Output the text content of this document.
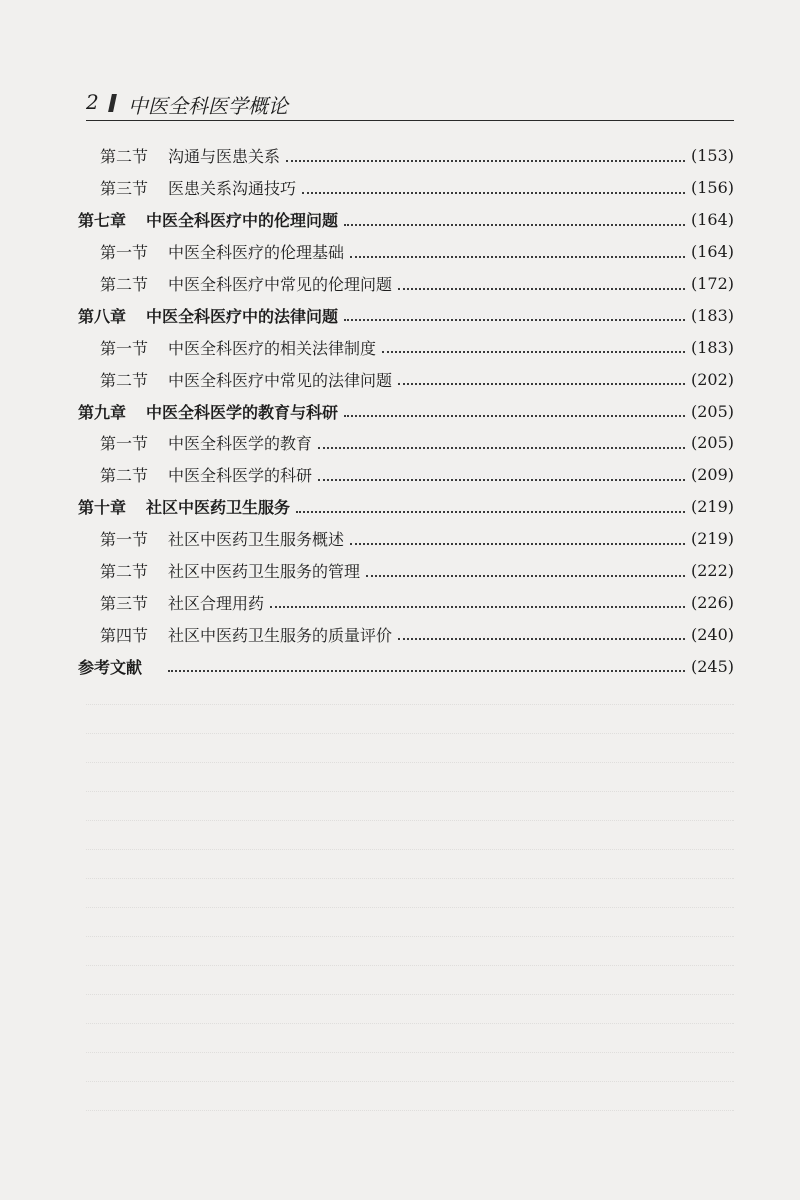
2 中医全科医学概论
第二节 沟通与医患关系	(153)
第三节 医患关系沟通技巧	(156)
第七章 中医全科医疗中的伦理问题	(164)
第一节 中医全科医疗的伦理基础	(164)
第二节 中医全科医疗中常见的伦理问题	(172)
第八章 中医全科医疗中的法律问题	(183)
第一节 中医全科医疗的相关法律制度	(183)
第二节 中医全科医疗中常见的法律问题	(202)
第九章 中医全科医学的教育与科研	(205)
第一节 中医全科医学的教育	(205)
第二节 中医全科医学的科研	(209)
第十章 社区中医药卫生服务	(219)
第一节 社区中医药卫生服务概述	(219)
第二节 社区中医药卫生服务的管理	(222)
第三节 社区合理用药	(226)
第四节 社区中医药卫生服务的质量评价	(240)
参考文献	(245)
